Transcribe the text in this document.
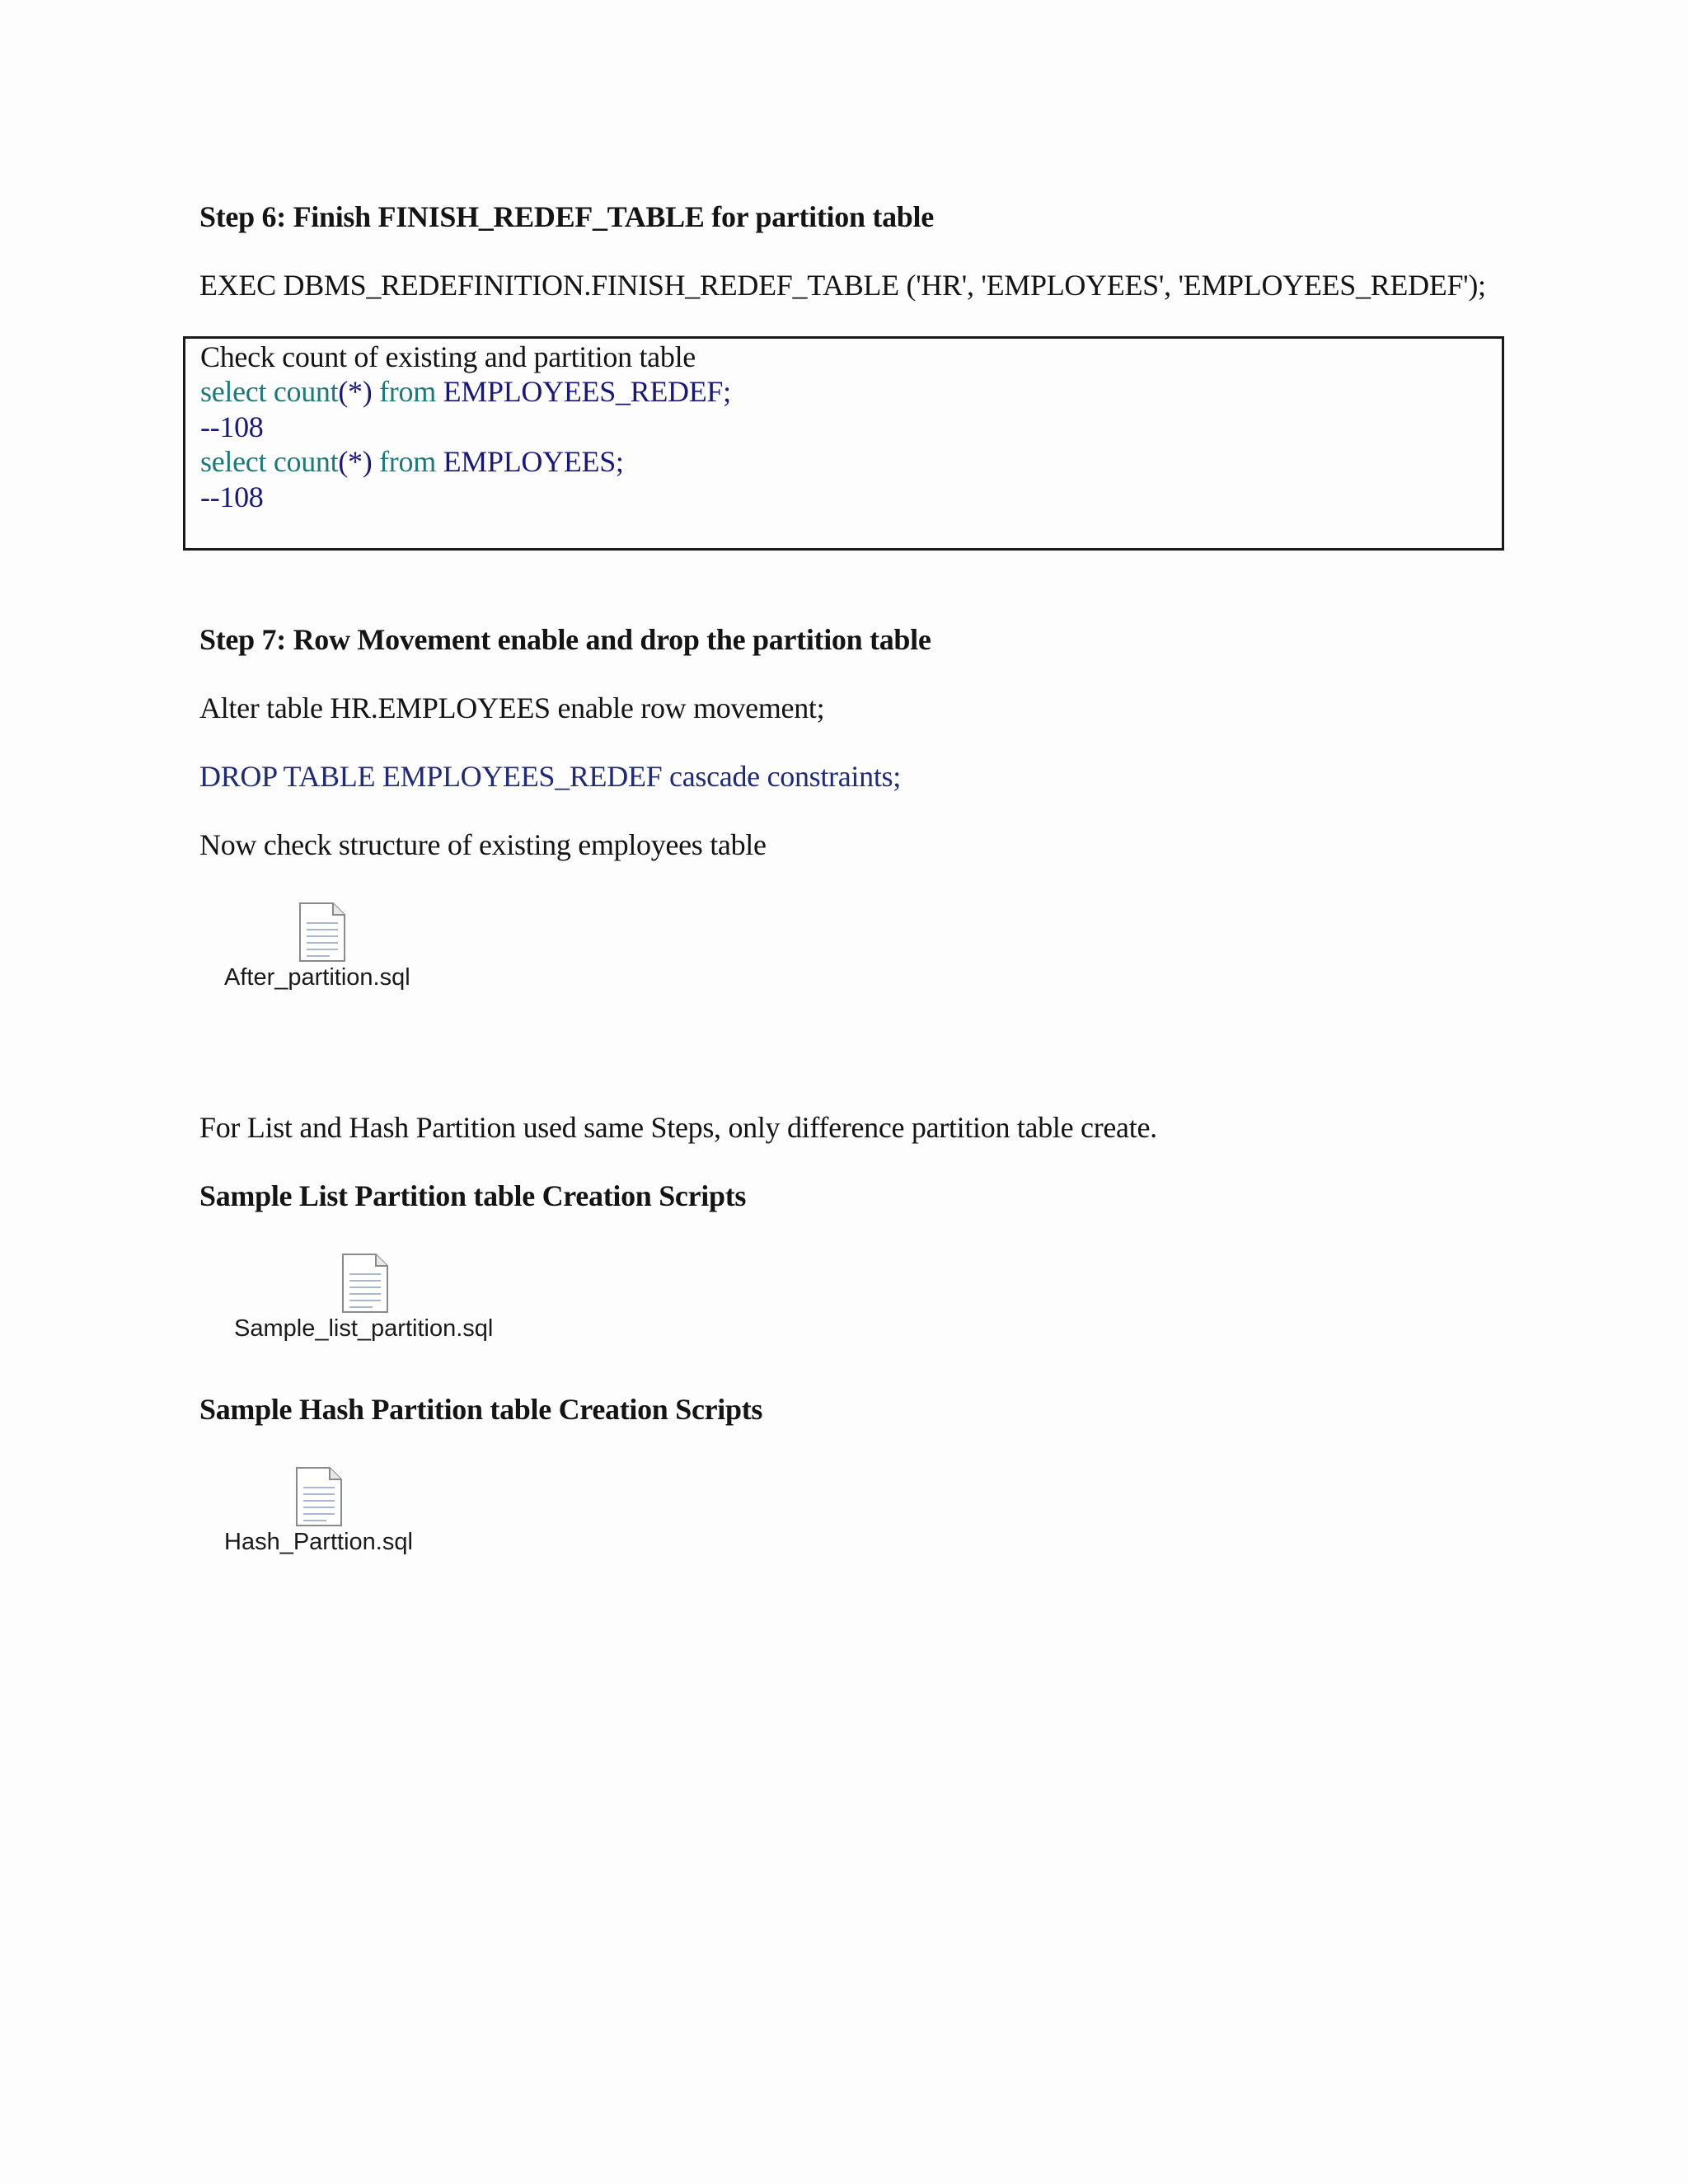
Step 6: Finish FINISH_REDEF_TABLE for partition table
EXEC DBMS_REDEFINITION.FINISH_REDEF_TABLE ('HR', 'EMPLOYEES', 'EMPLOYEES_REDEF');
Check count of existing and partition table
select count(*) from EMPLOYEES_REDEF;
--108
select count(*) from EMPLOYEES;
--108
Step 7: Row Movement enable and drop the partition table
Alter table HR.EMPLOYEES enable row movement;
DROP TABLE EMPLOYEES_REDEF cascade constraints;
Now check structure of existing employees table
After_partition.sql
For List and Hash Partition used same Steps, only difference partition table create.
Sample List Partition table Creation Scripts
Sample_list_partition.sql
Sample Hash Partition table Creation Scripts
Hash_Parttion.sql
